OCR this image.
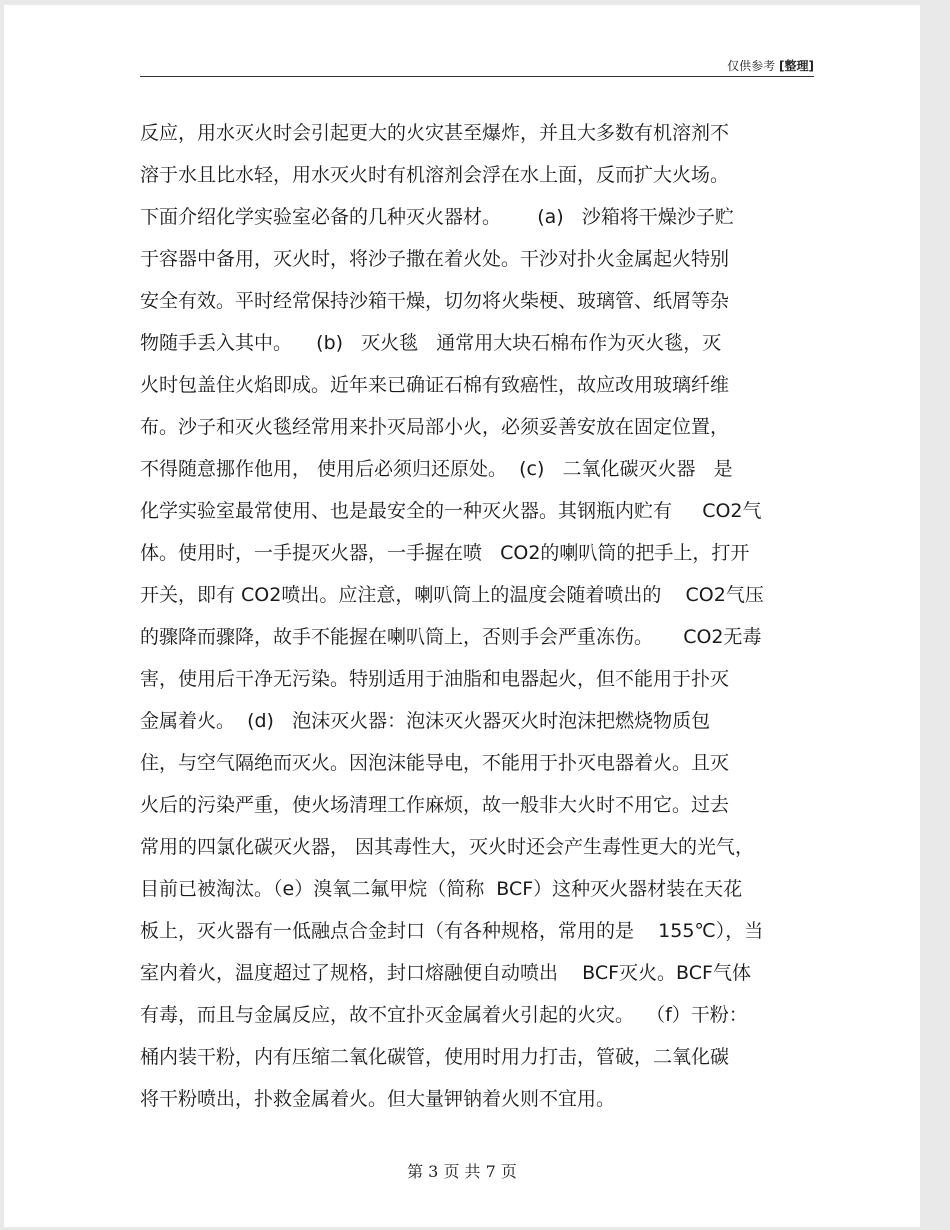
仅供参考 [整理]
反应，用水灭火时会引起更大的火灾甚至爆炸，并且大多数有机溶剂不
溶于水且比水轻，用水灭火时有机溶剂会浮在水上面，反而扩大火场。
下面介绍化学实验室必备的几种灭火器材。      (a)   沙箱将干燥沙子贮
于容器中备用，灭火时，将沙子撒在着火处。干沙对扑火金属起火特别
安全有效。平时经常保持沙箱干燥，切勿将火柴梗、玻璃管、纸屑等杂
物随手丢入其中。    (b)   灭火毯   通常用大块石棉布作为灭火毯，灭
火时包盖住火焰即成。近年来已确证石棉有致癌性，故应改用玻璃纤维
布。沙子和灭火毯经常用来扑灭局部小火，必须妥善安放在固定位置，
不得随意挪作他用， 使用后必须归还原处。  (c)   二氧化碳灭火器   是
化学实验室最常使用、也是最安全的一种灭火器。其钢瓶内贮有     CO2气
体。使用时，一手提灭火器，一手握在喷   CO2的喇叭筒的把手上，打开
开关，即有 CO2喷出。应注意，喇叭筒上的温度会随着喷出的    CO2气压
的骤降而骤降，故手不能握在喇叭筒上，否则手会严重冻伤。     CO2无毒
害，使用后干净无污染。特别适用于油脂和电器起火，但不能用于扑灭
金属着火。  (d)   泡沫灭火器：泡沫灭火器灭火时泡沫把燃烧物质包
住，与空气隔绝而灭火。因泡沫能导电，不能用于扑灭电器着火。且灭
火后的污染严重，使火场清理工作麻烦，故一般非大火时不用它。过去
常用的四氯化碳灭火器， 因其毒性大，灭火时还会产生毒性更大的光气，
目前已被淘汰。（e）溴氧二氟甲烷（简称  BCF）这种灭火器材装在天花
板上，灭火器有一低融点合金封口（有各种规格，常用的是    155℃），当
室内着火，温度超过了规格，封口熔融便自动喷出    BCF灭火。BCF气体
有毒，而且与金属反应，故不宜扑灭金属着火引起的火灾。  （f）干粉：
桶内装干粉，内有压缩二氧化碳管，使用时用力打击，管破，二氧化碳
将干粉喷出，扑救金属着火。但大量钾钠着火则不宜用。
第 3 页 共 7 页
